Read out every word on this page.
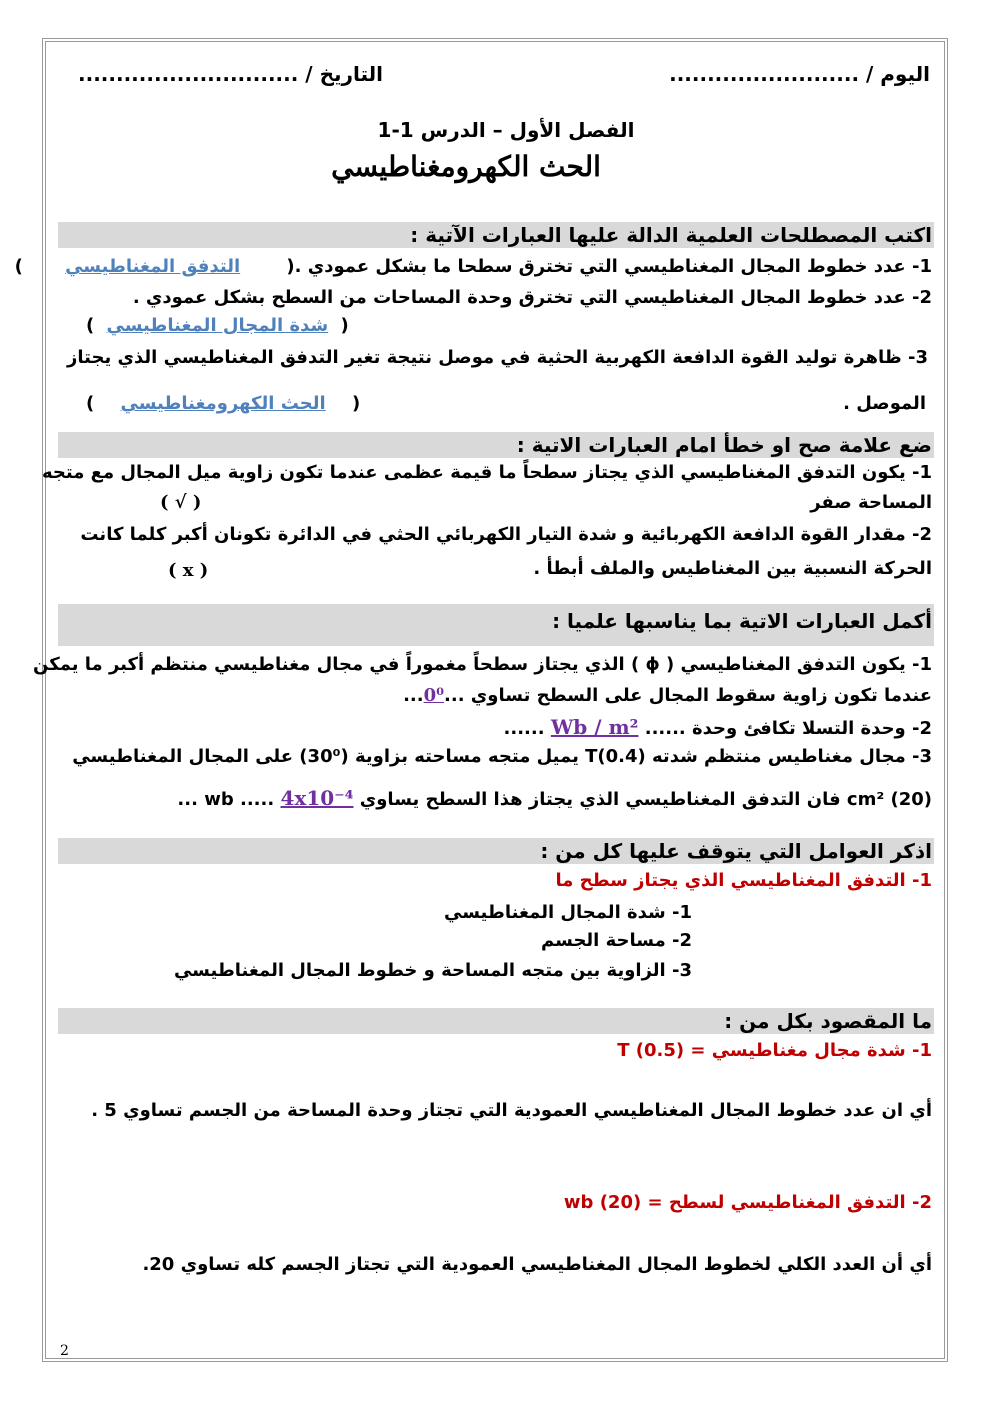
اليوم / .........................
التاريخ / .............................
الفصل الأول – الدرس 1-1
الحث الكهرومغناطيسي
اكتب المصطلحات العلمية الدالة عليها العبارات الآتية :
1- عدد خطوط المجال المغناطيسي التي تخترق سطحا ما بشكل عمودي .( التدفق المغناطيسي )
2- عدد خطوط المجال المغناطيسي التي تخترق وحدة المساحات من السطح بشكل عمودي .
( شدة المجال المغناطيسي )
3- ظاهرة توليد القوة الدافعة الكهربية الحثية في موصل نتيجة تغير التدفق المغناطيسي الذي يجتاز
الموصل .
( الحث الكهرومغناطيسي )
ضع علامة صح او خطأ امام العبارات الاتية :
1- يكون التدفق المغناطيسي الذي يجتاز سطحاً ما قيمة عظمى عندما تكون زاوية ميل المجال مع متجه
المساحة صفر
( √ )
2- مقدار القوة الدافعة الكهربائية و شدة التيار الكهربائي الحثي في الدائرة تكونان أكبر كلما كانت
الحركة النسبية بين المغناطيس والملف أبطأ .
( x )
أكمل العبارات الاتية بما يناسبها علميا :
1- يكون التدفق المغناطيسي ( ϕ ) الذي يجتاز سطحاً مغموراً في مجال مغناطيسي منتظم أكبر ما يمكن
عندما تكون زاوية سقوط المجال على السطح تساوي ...0⁰...
2- وحدة التسلا تكافئ وحدة ...... Wb / m² ......
3- مجال مغناطيس منتظم شدته T(0.4) يميل متجه مساحته بزاوية (30⁰) على المجال المغناطيسي
cm² (20) فان التدفق المغناطيسي الذي يجتاز هذا السطح يساوي wb ..... 4x10⁻⁴ ...
اذكر العوامل التي يتوقف عليها كل من :
1- التدفق المغناطيسي الذي يجتاز سطح ما
1- شدة المجال المغناطيسي
2- مساحة الجسم
3- الزاوية بين متجه المساحة و خطوط المجال المغناطيسي
ما المقصود بكل من :
1- شدة مجال مغناطيسي = T (0.5)
أي ان عدد خطوط المجال المغناطيسي العمودية التي تجتاز وحدة المساحة من الجسم تساوي 5 .
2- التدفق المغناطيسي لسطح = wb (20)
أي أن العدد الكلي لخطوط المجال المغناطيسي العمودية التي تجتاز الجسم كله تساوي 20.
2
